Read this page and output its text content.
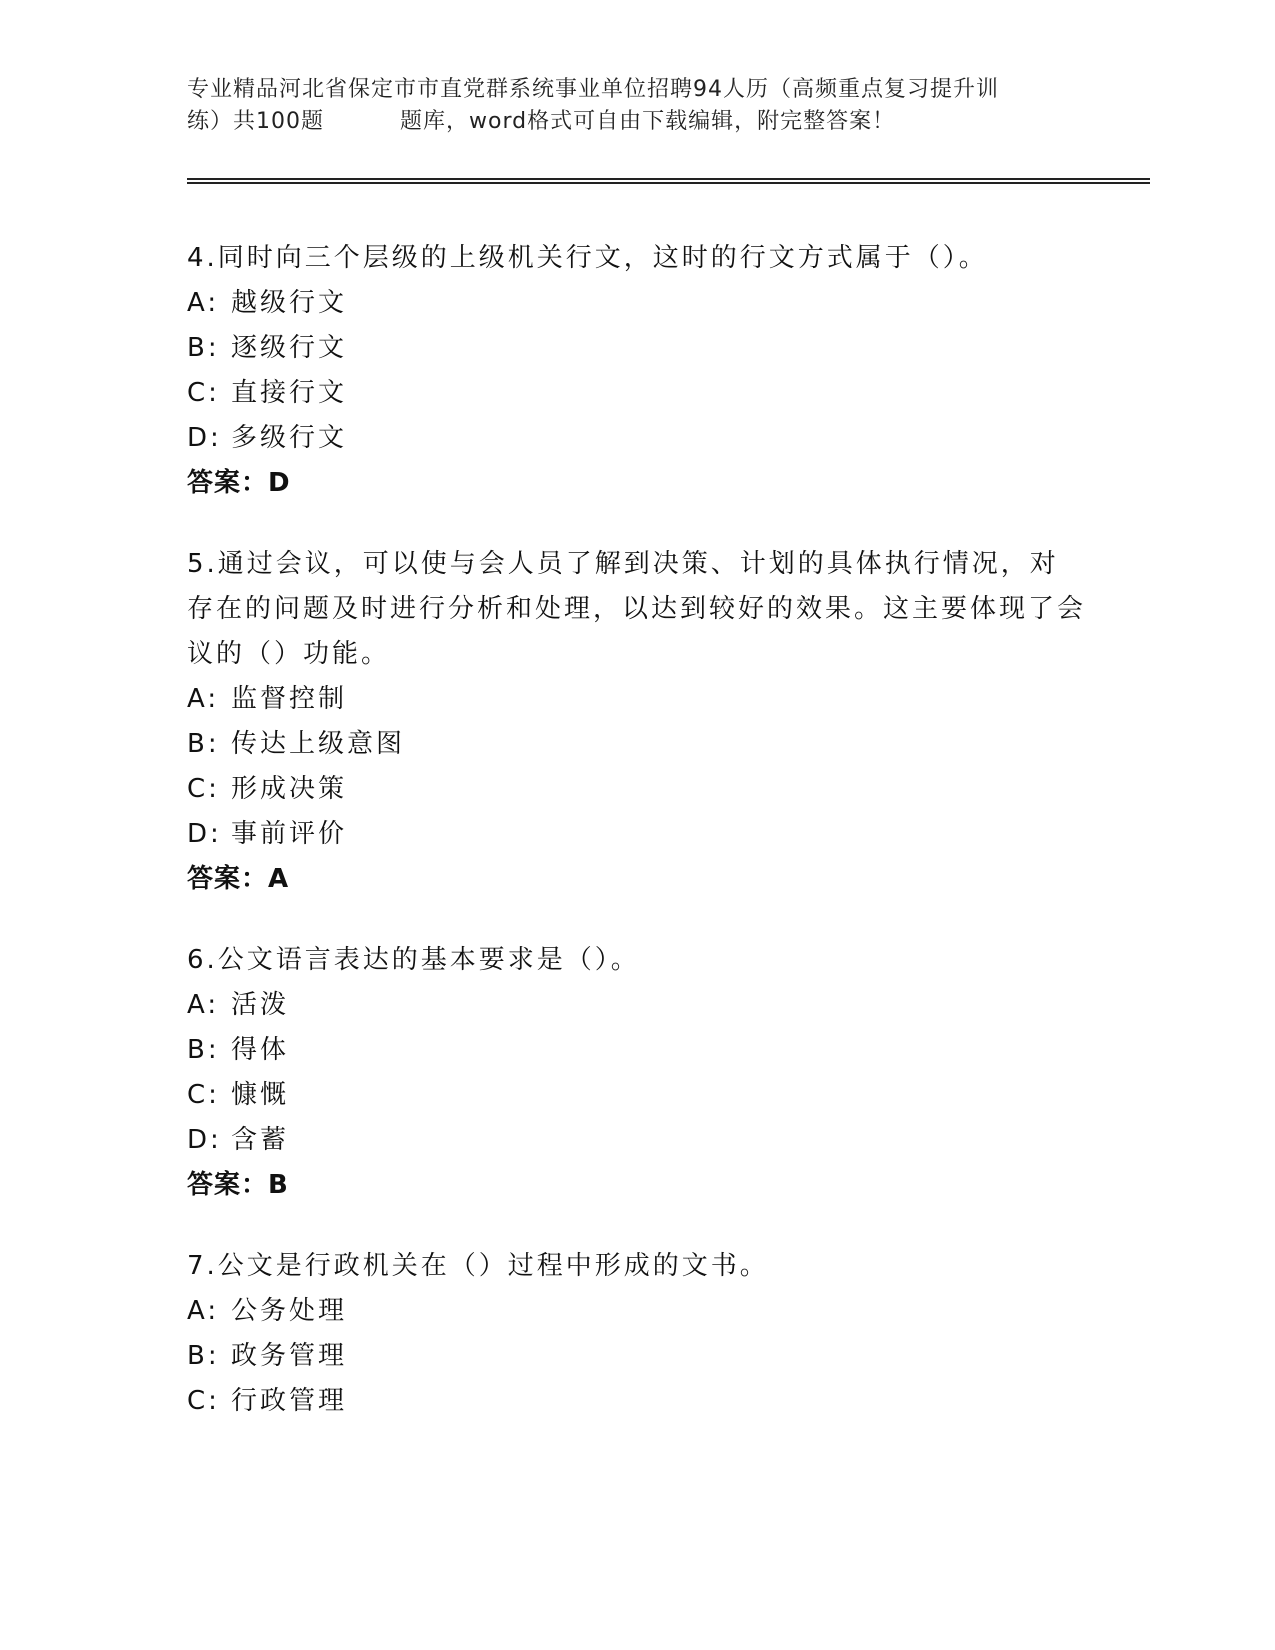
专业精品河北省保定市市直党群系统事业单位招聘94人历（高频重点复习提升训
练）共100题	题库，word格式可自由下载编辑，附完整答案！

4.同时向三个层级的上级机关行文，这时的行文方式属于（）。

A: 越级行文

B: 逐级行文

C: 直接行文

D: 多级行文

答案：D

5.通过会议，可以使与会人员了解到决策、计划的具体执行情况，对存在的问题及时进行分析和处理，以达到较好的效果。这主要体现了会议的（）功能。

A: 监督控制

B: 传达上级意图

C: 形成决策

D: 事前评价

答案：A

6.公文语言表达的基本要求是（）。

A: 活泼

B: 得体

C: 慷慨

D: 含蓄

答案：B

7.公文是行政机关在（）过程中形成的文书。

A: 公务处理

B: 政务管理

C: 行政管理
